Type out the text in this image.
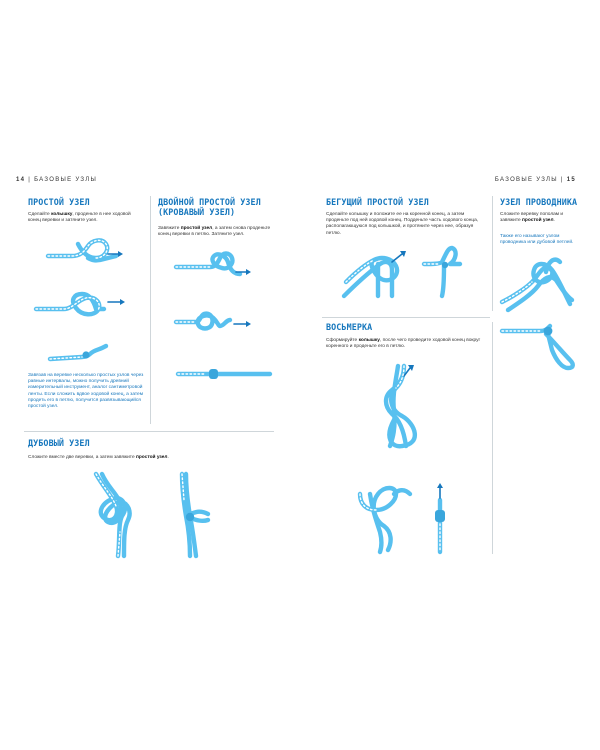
14 | БАЗОВЫЕ УЗЛЫ	БАЗОВЫЕ УЗЛЫ | 15
ПРОСТОЙ УЗЕЛ
Сделайте колышку, проденьте в нее ходовой конец веревки и затяните узел.
Завязав на веревке несколько простых узлов через равные интервалы, можно получить древний измерительный инструмент, аналог сантиметровой ленты. Если сложить вдвое ходовой конец, а затем продеть его в петлю, получится развязывающийся простой узел.
ДВОЙНОЙ ПРОСТОЙ УЗЕЛ
(КРОВАВЫЙ УЗЕЛ)
Завяжите простой узел, а затем снова проденьте конец веревки в петлю. Затяните узел.
ДУБОВЫЙ УЗЕЛ
Сложите вместе две веревки, а затем завяжите простой узел.
БЕГУЩИЙ ПРОСТОЙ УЗЕЛ
Сделайте колышку и положите ее на коренной конец, а затем проденьте под ней ходовой конец. Подденьте часть ходового конца, располагающуюся под колышкой, и протяните через нее, образуя петлю.
ВОСЬМЕРКА
Сформируйте колышку, после чего проведите ходовой конец вокруг коренного и проденьте его в петлю.
УЗЕЛ ПРОВОДНИКА
Сложите веревку пополам и завяжите простой узел.
Также его называют узлом проводника или дубовой петлей.
